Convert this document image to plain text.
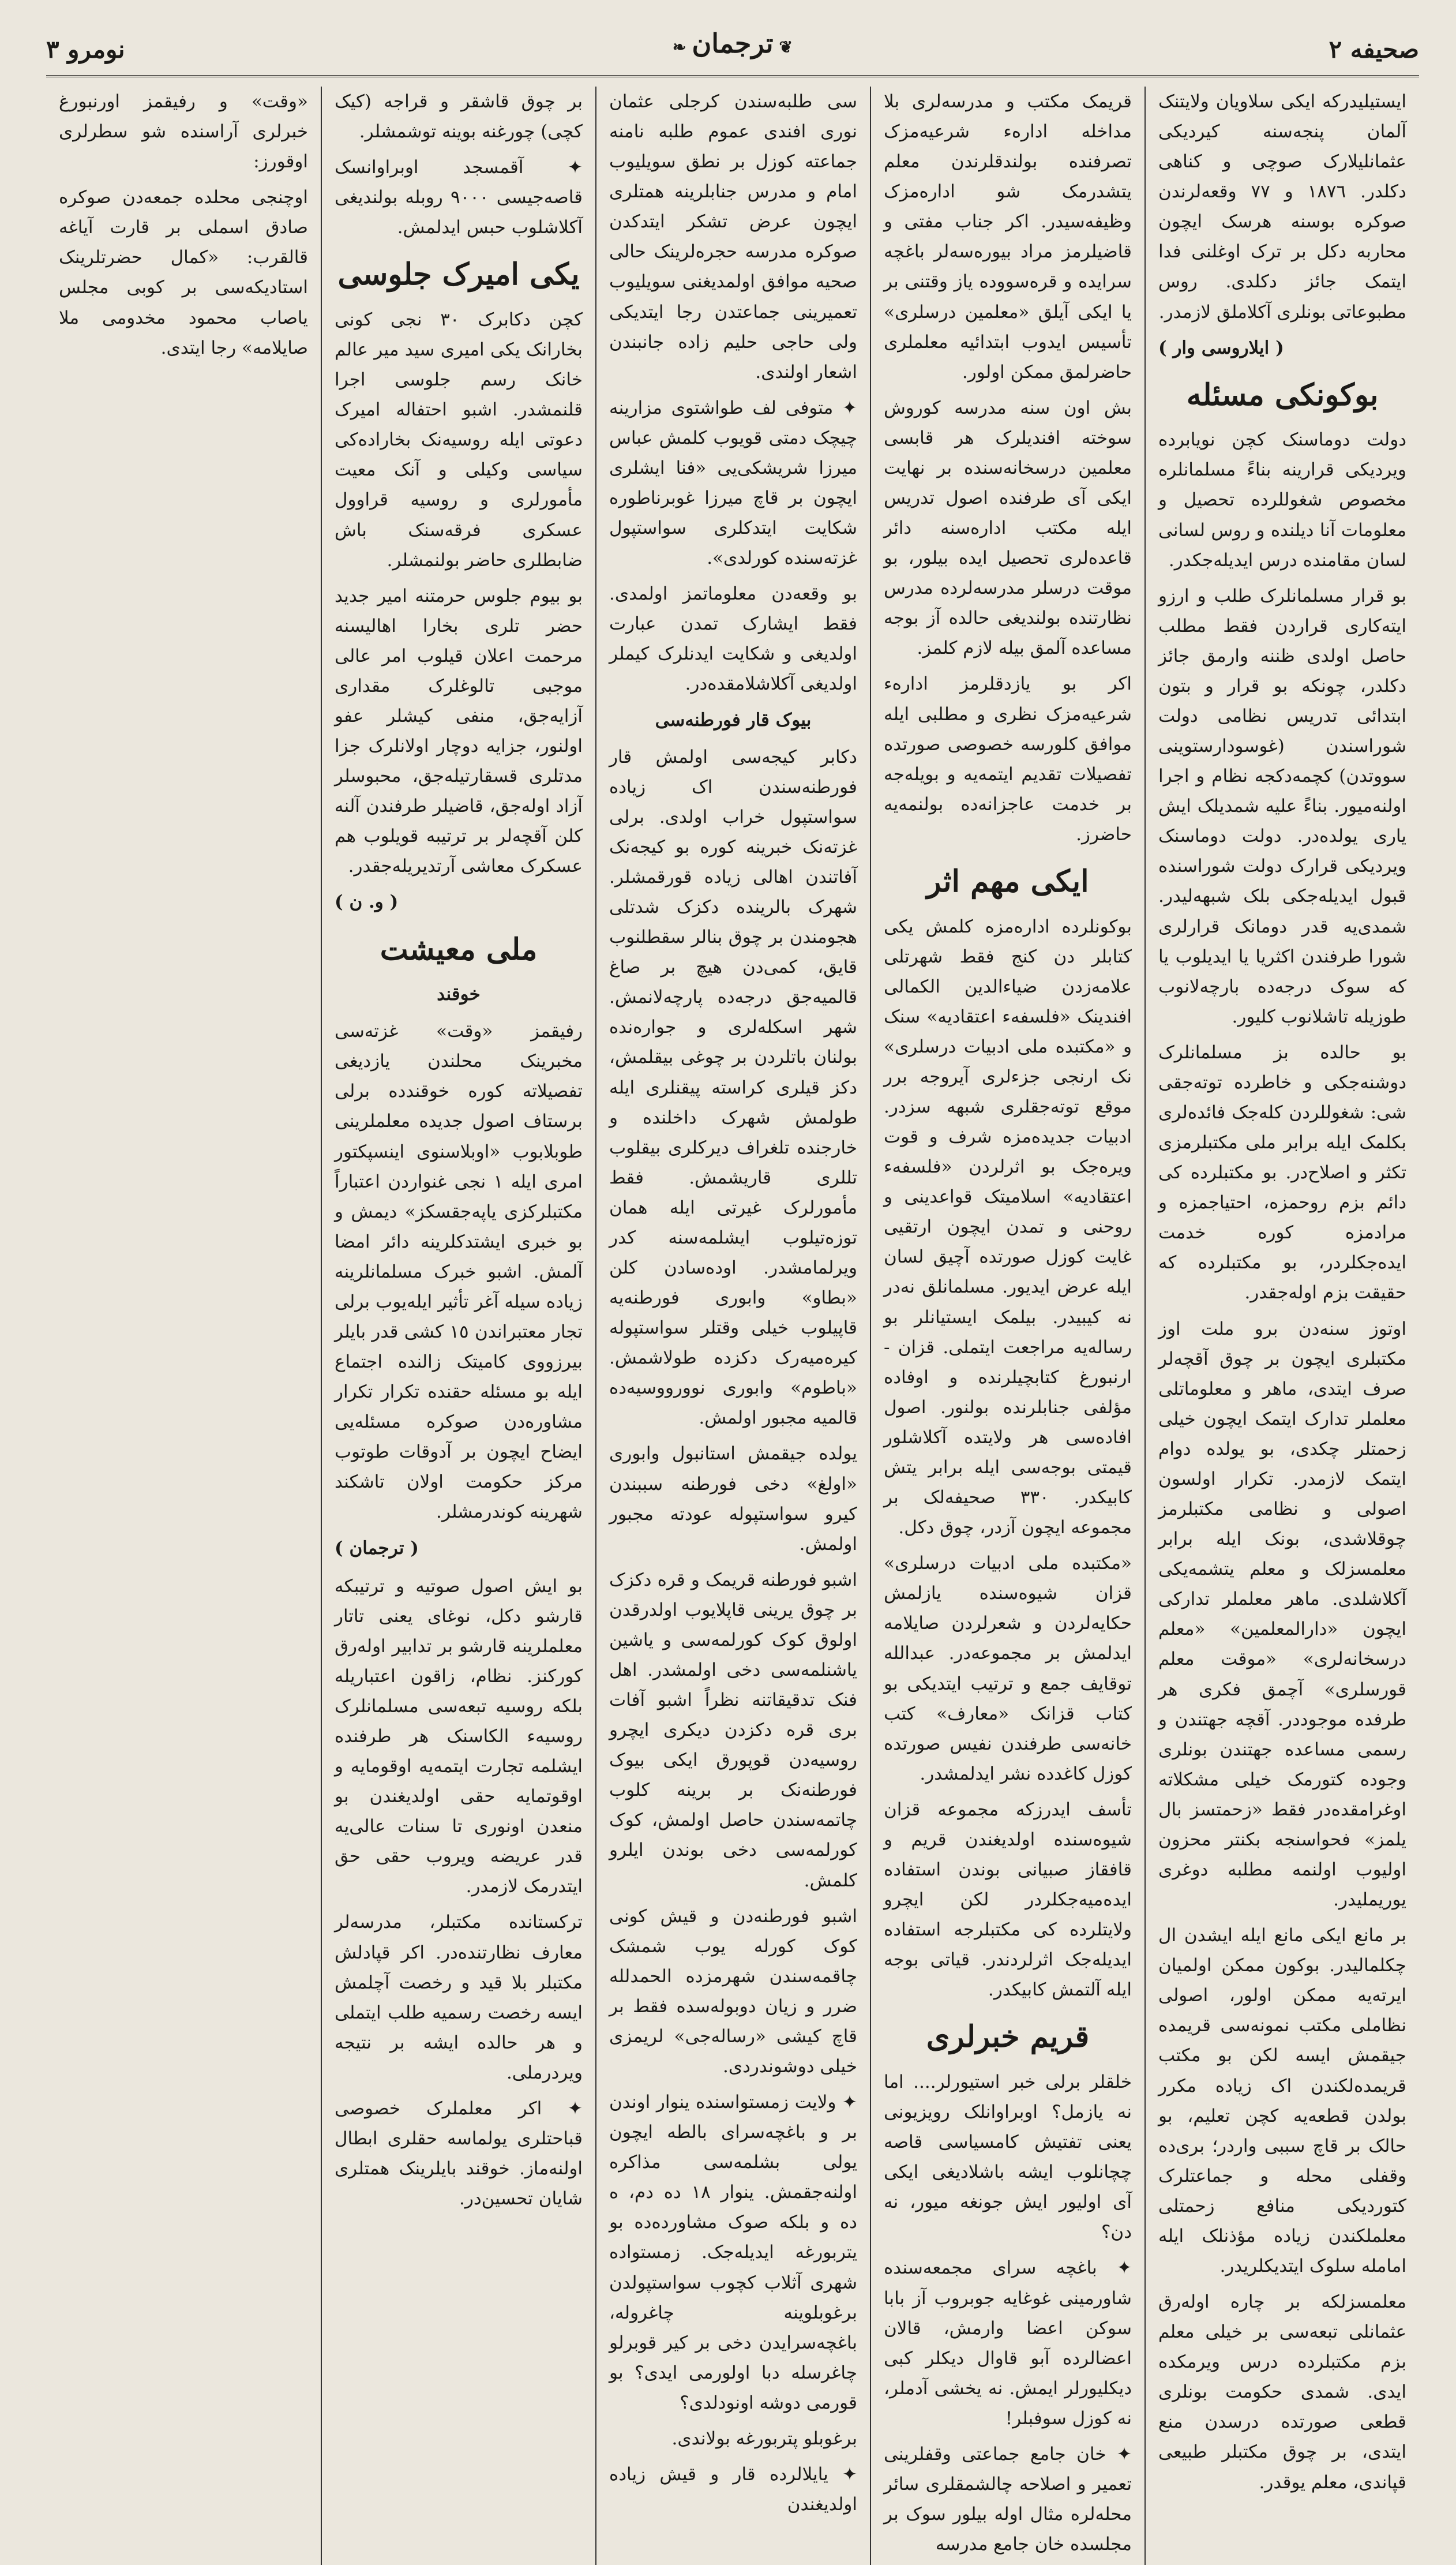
صحیفه ٢
❦ترجمان❧
نومرو ٣

ایستیلیدرکه ایکی سلاویان ولایتنک آلمان پنجه‌سنه کیردیکی عثمانلیلارک صوچی و کناهی دکلدر. ١٨٧٦ و ٧٧ وقعه‌لرندن صوکره بوسنه هرسک ایچون محاربه دکل بر ترک اوغلنی فدا ایتمک جائز دکلدی. روس مطبوعاتی بونلری آکلاملق لازمدر.

( ایلاروسی وار )
بوکونکی مسئله

دولت دوماسنک کچن نویابرده ویردیکی قرارینه بناءً مسلمانلره مخصوص شغوللرده تحصیل و معلومات آنا دیلنده و روس لسانی لسان مقامنده درس ایدیله‌جکدر.

بو قرار مسلمانلرک طلب و ارزو ایته‌کاری قراردن فقط مطلب حاصل اولدی ظننه وارمق جائز دکلدر، چونکه بو قرار و بتون ابتدائی تدریس نظامی دولت شوراسندن (غوسودارستوینی سووتدن) کچمه‌دکجه نظام و اجرا اولنه‌میور. بناءً علیه شمدیلک ایش یاری یولده‌در. دولت دوماسنک ویردیکی قرارک دولت شوراسنده قبول ایدیله‌جکی بلک شبهه‌لیدر. شمدی‌یه قدر دومانک قرارلری شورا طرفندن اکثریا یا ایدیلوب یا که سوک درجه‌ده بارچه‌لانوب طوزیله تاشلانوب کلیور.

بو حالده بز مسلمانلرک دوشنه‌جکی و خاطرده توته‌جقی شی: شغوللردن کله‌جک فائده‌لری بکلمک ایله برابر ملی مکتبلرمزی تکثر و اصلاح‌در. بو مکتبلرده کی دائم بزم روحمزه، احتیاجمزه و مرادمزه کوره خدمت ایده‌جکلردر، بو مکتبلرده که حقیقت بزم اوله‌جقدر.

اوتوز سنه‌دن برو ملت اوز مکتبلری ایچون بر چوق آقچه‌لر صرف ایتدی، ماهر و معلوماتلی معلملر تدارک ایتمک ایچون خیلی زحمتلر چکدی، بو یولده دوام ایتمک لازمدر. تکرار اولسون اصولی و نظامی مکتبلرمز چوقلاشدی، بونک ایله برابر معلمسزلک و معلم یتشمه‌یکی آکلاشلدی. ماهر معلملر تدارکی ایچون «دارالمعلمین» «معلم درسخانه‌لری» «موقت معلم قورسلری» آچمق فکری هر طرفده موجوددر. آقچه جهتندن و رسمی مساعده جهتندن بونلری وجوده کتورمک خیلی مشکلاته اوغرامقده‌در فقط «زحمتسز بال یلمز» فحواسنجه بکنتر محزون اولیوب اولنمه مطلبه دوغری یوریملیدر.

بر مانع ایکی مانع ایله ایشدن ال چکلمالیدر. بوکون ممکن اولمیان ایرته‌یه ممکن اولور، اصولی نظاملی مکتب نمونه‌سی قریمده جیقمش ایسه لکن بو مکتب قریمده‌لکندن اک زیاده مکرر بولدن قطعه‌یه کچن تعلیم، بو حالک بر قاچ سببی واردر؛ بری‌ده وقفلی محله و جماعتلرک کتوردیکی منافع زحمتلی معلملکندن زیاده مؤذنلک ایله امامله سلوک ایتدیکلریدر.

معلمسزلکه بر چاره اوله‌رق عثمانلی تبعه‌سی بر خیلی معلم بزم مکتبلرده درس ویرمکده ایدی. شمدی حکومت بونلری قطعی صورتده درسدن منع ایتدی، بر چوق مکتبلر طبیعی قپاندی، معلم یوقدر.

قریمک مکتب و مدرسه‌لری بلا مداخله اداره‌ء شرعیه‌مزک تصرفنده بولندقلرندن معلم یتشدرمک شو اداره‌مزک وظیفه‌سیدر. اکر جناب مفتی و قاضیلرمز مراد بیوره‌سه‌لر باغچه سرایده و قره‌سووده یاز وقتنی بر یا ایکی آیلق «معلمین درسلری» تأسیس ایدوب ابتدائیه معلملری حاضرلمق ممکن اولور.

بش اون سنه مدرسه کوروش سوخته افندیلرک هر قابسی معلمین درسخانه‌سنده بر نهایت ایکی آی طرفنده اصول تدریس ایله مکتب اداره‌سنه دائر قاعده‌لری تحصیل ایده بیلور، بو موقت درسلر مدرسه‌لرده مدرس نظارتنده بولندیغی حالده آز بوجه مساعده آلمق بیله لازم کلمز.

اکر بو یازدقلرمز اداره‌ء شرعیه‌مزک نظری و مطلبی ایله موافق کلورسه خصوصی صورتده تفصیلات تقدیم ایتمه‌یه و بویله‌جه بر خدمت عاجزانه‌ده بولنمه‌یه حاضرز.

ایکی مهم اثر

بوکونلرده اداره‌مزه کلمش یکی کتابلر دن کنج فقط شهرتلی علامه‌زدن ضیاءالدین الکمالی افندینک «فلسفه‌ء اعتقادیه» سنک و «مکتبده ملی ادبیات درسلری» نک ارنجی جزءلری آیروجه برر موقع توته‌جقلری شبهه سزدر. ادبیات جدیده‌مزه شرف و قوت ویره‌جک بو اثرلردن «فلسفه‌ء اعتقادیه» اسلامیتک قواعدینی و روحنی و تمدن ایچون ارتقیی غایت کوزل صورتده آچیق لسان ایله عرض ایدیور. مسلمانلق نه‌در نه کیبیدر. بیلمک ایستیانلر بو رساله‌یه مراجعت ایتملی. قزان - ارنبورغ کتابچیلرنده و اوفاده مؤلفی جنابلرنده بولنور. اصول افاده‌سی هر ولایتده آکلاشلور قیمتی بوجه‌سی ایله برابر یتش کابیکدر. ٣٣٠ صحیفه‌لک بر مجموعه ایچون آزدر، چوق دکل.

«مکتبده ملی ادبیات درسلری» قزان شیوه‌سنده یازلمش حکایه‌لردن و شعرلردن صایلامه ایدلمش بر مجموعه‌در. عبدالله توقایف جمع و ترتیب ایتدیکی بو کتاب قزانک «معارف» کتب خانه‌سی طرفندن نفیس صورتده کوزل کاغدده نشر ایدلمشدر.

تأسف ایدرزکه مجموعه قزان شیوه‌سنده اولدیغندن قریم و قافقاز صبیانی بوندن استفاده ایده‌میه‌جکلردر لکن ایچرو ولایتلرده کی مکتبلرجه استفاده ایدیله‌جک اثرلردندر. قیاتی بوجه ایله آلتمش کابیکدر.

قریم خبرلری

خلقلر برلی خبر استیورلر.... اما نه یازمل؟ اوبراوانلک رویزیونی یعنی تفتیش کامسیاسی قاصه چچانلوب ایشه باشلادیغی ایکی آی اولیور ایش جونغه میور، نه دن؟

✦ باغچه سرای مجمعه‌سنده شاورمینی غوغایه جوبروب آز بابا سوکن اعضا وارمش، قالان اعضالرده آبو قاوال دیکلر کبی دیکلیورلر ایمش. نه یخشی آدملر، نه کوزل سوفبلر!

✦ خان جامع جماعتی وقفلرینی تعمیر و اصلاحه چالشمقلری سائر محله‌لره مثال اوله بیلور سوک بر مجلسده خان جامع مدرسه

سی طلبه‌سندن کرجلی عثمان نوری افندی عموم طلبه نامنه جماعته کوزل بر نطق سویلیوب امام و مدرس جنابلرینه همتلری ایچون عرض تشکر ایتدکدن صوکره مدرسه حجره‌لرینک حالی صحیه موافق اولمدیغنی سویلیوب تعمیرینی جماعتدن رجا ایتدیکی ولی حاجی حلیم زاده جانبندن اشعار اولندی.

✦ متوفی لف طواشتوی مزارینه چیچک دمتی قویوب کلمش عباس میرزا شریشکی‌یی «فنا ایشلری ایچون بر قاچ میرزا غوبرناطوره شکایت ایتدکلری سواستپول غزته‌سنده کورلدی».

بو وقعه‌دن معلوماتمز اولمدی. فقط ایشارک تمدن عبارت اولدیغی و شکایت ایدنلرک کیملر اولدیغی آکلاشلامقده‌در.

بیوک قار فورطنه‌سی

دکابر کیجه‌سی اولمش قار فورطنه‌سندن اک زیاده سواستپول خراب اولدی. برلی غزته‌نک خبرینه کوره بو کیجه‌نک آفاتندن اهالی زیاده قورقمشلر. شهرک بالرینده دکزک شدتلی هجومندن بر چوق بنالر سقطلنوب قایق، کمی‌دن هیچ بر صاغ قالمیه‌جق درجه‌ده پارچه‌لانمش. شهر اسکله‌لری و جواره‌نده بولنان باتلردن بر چوغی بیقلمش، دکز قیلری کراسته پیقنلری ایله طولمش شهرک داخلنده و خارجنده تلغراف دیرکلری بیقلوب تللری قاریشمش. فقط مأمورلرک غیرتی ایله همان توزه‌تیلوب ایشلمه‌سنه کدر ویرلمامشدر. اوده‌سادن کلن «بطاو» وابوری فورطنه‌یه قاپیلوب خیلی وقتلر سواستپوله کیره‌میه‌رک دکزده طولاشمش. «باطوم» وابوری نوورووسیه‌ده قالمیه مجبور اولمش.

یولده جیقمش استانبول وابوری «اولغ» دخی فورطنه سببندن کیرو سواستپوله عودته مجبور اولمش.

اشبو فورطنه قریمک و قره دکزک بر چوق یرینی قاپلایوب اولدرقدن اولوق کوک کورلمه‌سی و یاشین یاشنلمه‌سی دخی اولمشدر. اهل فنک تدقیقاتنه نظراً اشبو آفات بری قره دکزدن دیکری ایچرو روسیه‌دن قوپورق ایکی بیوک فورطنه‌نک بر برینه کلوب چاتمه‌سندن حاصل اولمش، کوک کورلمه‌سی دخی بوندن ایلرو کلمش.

اشبو فورطنه‌دن و قیش کونی کوک کورله یوب شمشک چاقمه‌سندن شهرمزده الحمدلله ضرر و زیان دوبوله‌سده فقط بر قاچ کیشی «رساله‌جی» لریمزی خیلی دوشوندردی.

✦ ولایت زمستواسنده ینوار اوندن بر و باغچه‌سرای بالطه ایچون یولی بشلمه‌سی مذاکره اولنه‌جقمش. ینوار ١٨ ده دم، ه ده و بلکه صوک مشاورده‌ده بو یتربورغه ایدیله‌جک. زمستوا‌ده شهری آثلاب کچوب سواستپولدن برغوبلوینه چاغروله، باغچه‌سرایدن دخی بر کیر قوبرلو چاغرسله دبا اولورمی ایدی؟ بو قورمی دوشه اونودلدی؟

برغوبلو پتربورغه بولاندی.

✦ یایلالرده قار و قیش زیاده اولدیغندن

بر چوق قاشقر و قراجه (کیک کچی) چورغنه بوینه توشمشلر.

✦ آقمسجد اوبراوانسک قاصه‌جیسی ٩٠٠٠ روبله بولندیغی آکلاشلوب حبس ایدلمش.

یکی امیرک جلوسی

کچن دکابرک ٣٠ نجی کونی بخارانک یکی امیری سید میر عالم خانک رسم جلوسی اجرا قلنمشدر. اشبو احتفاله امیرک دعوتی ایله روسیه‌نک بخاراده‌کی سیاسی وکیلی و آنک معیت مأمورلری و روسیه قراوول عسکری فرقه‌سنک باش ضابطلری حاضر بولنمشلر.

بو بیوم جلوس حرمتنه امیر جدید حضر تلری بخارا اهالیسنه مرحمت اعلان قیلوب امر عالی موجبی تالوغلرک مقداری آزایه‌جق، منفی کیشلر عفو اولنور، جزایه دوچار اولانلرک جزا مدتلری قسقارتیله‌جق، محبوسلر آزاد اوله‌جق، قاضیلر طرفندن آلنه کلن آقچه‌لر بر ترتیبه قویلوب هم عسکرک معاشی آرتدیریله‌جقدر.

( و. ن )
ملی معیشت
خوقند

رفیقمز «وقت» غزته‌سی مخبرینک محلندن یازدیغی تفصیلاته کوره خوقندده برلی برستاف اصول جدیده معلملرینی طوبلابوب «اوبلاسنوی اینسپکتور امری ایله ١ نجی غنواردن اعتباراً مکتبلرکزی یاپه‌جقسکز» دیمش و بو خبری ایشتدکلرینه دائر امضا آلمش. اشبو خبرک مسلمانلرینه زیاده سیله آغر تأثیر ایله‌یوب برلی تجار معتبراندن ١٥ کشی قدر بایلر بیرزووی کامیتک زالنده اجتماع ایله بو مسئله حقنده تکرار تکرار مشاوره‌دن صوکره مسئله‌یی ایضاح ایچون بر آدوقات طوتوب مرکز حکومت اولان تاشکند شهرینه کوندرمشلر.

( ترجمان )

بو ایش اصول صوتیه و ترتیبکه قارشو دکل، نوغای یعنی تاتار معلملرینه قارشو بر تدابیر اوله‌رق کورکنز. نظام، زاقون اعتباریله بلکه روسیه تبعه‌سی مسلمانلرک روسیه‌ء الکاسنک هر طرفنده ایشلمه تجارت ایتمه‌یه اوقومایه و اوقوتمایه حقی اولدیغندن بو منعدن اونوری تا سنات عالی‌یه قدر عریضه ویروب حقی حق ایتدرمک لازمدر.

ترکستانده مکتبلر، مدرسه‌لر معارف نظارتنده‌در. اکر قپادلش مکتبلر بلا قید و رخصت آچلمش ایسه رخصت رسمیه طلب ایتملی و هر حالده ایشه بر نتیجه ویردرملی.

✦ اکر معلملرک خصوصی قباحتلری یولماسه حقلری ابطال اولنه‌ماز. خوقند بایلرینک همتلری شایان تحسین‌در.

«وقت» و رفیقمز اورنبورغ خبرلری آراسنده شو سطرلری اوقورز:

اوچنجی محلده جمعه‌دن صوکره صادق اسملی بر قارت آیاغه قالقرب: «کمال حضرتلرینک استادیکه‌سی بر کوبی مجلس یاصاب محمود مخدومی ملا صایلامه» رجا ایتدی.
